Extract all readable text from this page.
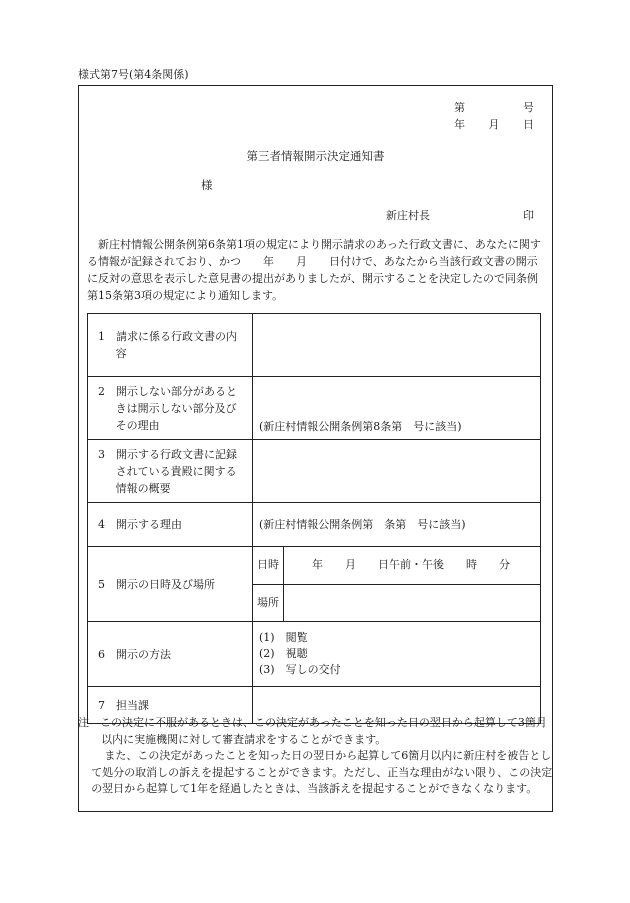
様式第7号(第4条関係)
第	号
年 月 日
第三者情報開示決定通知書
様
新庄村長	印
新庄村情報公開条例第6条第1項の規定により開示請求のあった行政文書に、あなたに関する情報が記録されており、かつ　　年　　月　　日付けで、あなたから当該行政文書の開示に反対の意思を表示した意見書の提出がありましたが、開示することを決定したので同条例第15条第3項の規定により通知します。
1　請求に係る行政文書の内容

2　開示しない部分があるときは開示しない部分及びその理由	(新庄村情報公開条例第8条第　号に該当)

3　開示する行政文書に記録されている貴殿に関する情報の概要

4　開示する理由	(新庄村情報公開条例第　条第　号に該当)

5　開示の日時及び場所

日時	年　　月　　日午前・午後　　時　　分
場所	

6　開示の方法

(1)　閲覧
(2)　視聴
(3)　写しの交付

7　担当課

注　この決定に不服があるときは、この決定があったことを知った日の翌日から起算して3箇月以内に実施機関に対して審査請求をすることができます。
また、この決定があったことを知った日の翌日から起算して6箇月以内に新庄村を被告として処分の取消しの訴えを提起することができます。ただし、正当な理由がない限り、この決定の翌日から起算して1年を経過したときは、当該訴えを提起することができなくなります。
